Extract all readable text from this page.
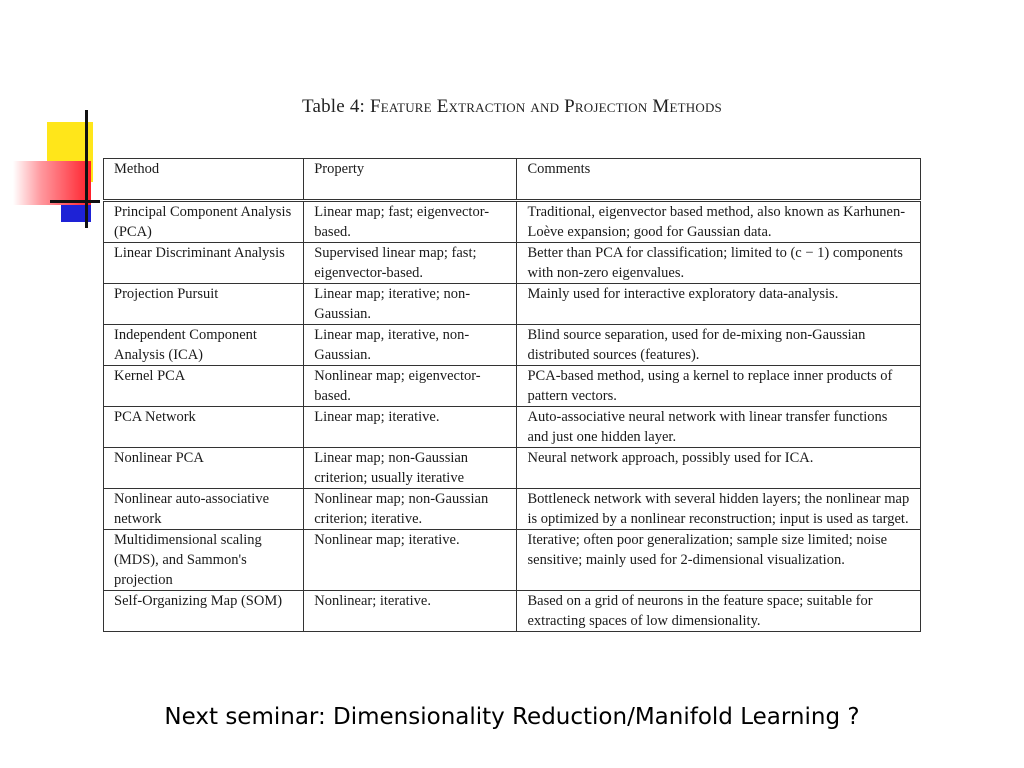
Table 4: Feature Extraction and Projection Methods
Method	Property	Comments
Principal Component Analysis (PCA)	Linear map; fast; eigenvector-based.	Traditional, eigenvector based method, also known as Karhunen-Loève expansion; good for Gaussian data.
Linear Discriminant Analysis	Supervised linear map; fast; eigenvector-based.	Better than PCA for classification; limited to (c − 1) components with non-zero eigenvalues.
Projection Pursuit	Linear map; iterative; non-Gaussian.	Mainly used for interactive exploratory data-analysis.
Independent Component Analysis (ICA)	Linear map, iterative, non-Gaussian.	Blind source separation, used for de-mixing non-Gaussian distributed sources (features).
Kernel PCA	Nonlinear map; eigenvector-based.	PCA-based method, using a kernel to replace inner products of pattern vectors.
PCA Network	Linear map; iterative.	Auto-associative neural network with linear transfer functions and just one hidden layer.
Nonlinear PCA	Linear map; non-Gaussian criterion; usually iterative	Neural network approach, possibly used for ICA.
Nonlinear auto-associative network	Nonlinear map; non-Gaussian criterion; iterative.	Bottleneck network with several hidden layers; the nonlinear map is optimized by a nonlinear reconstruction; input is used as target.
Multidimensional scaling (MDS), and Sammon's projection	Nonlinear map; iterative.	Iterative; often poor generalization; sample size limited; noise sensitive; mainly used for 2-dimensional visualization.
Self-Organizing Map (SOM)	Nonlinear; iterative.	Based on a grid of neurons in the feature space; suitable for extracting spaces of low dimensionality.
Next seminar: Dimensionality Reduction/Manifold Learning ?
